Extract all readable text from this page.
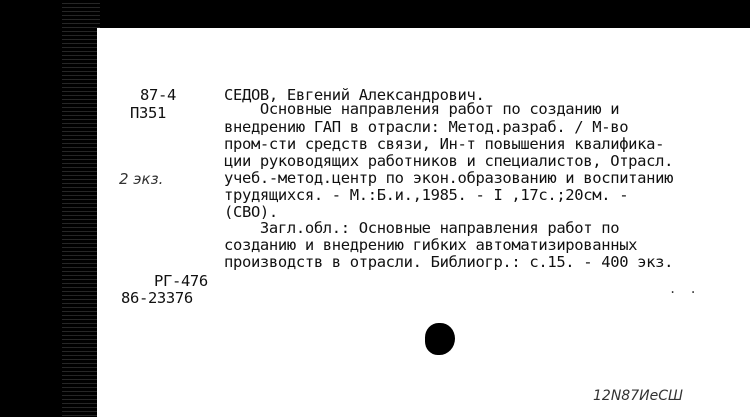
87-4
П351
2 экз.
СЕДОВ, Евгений Александрович.
Основные направления работ по созданию и
внедрению ГАП в отрасли: Метод.разраб. / М-во
пром-сти средств связи, Ин-т повышения квалифика-
ции руководящих работников и специалистов, Отрасл.
учеб.-метод.центр по экон.образованию и воспитанию
трудящихся. - М.:Б.и.,1985. - I ,17с.;20см. -
(СВО).
Загл.обл.: Основные направления работ по
созданию и внедрению гибких автоматизированных
производств в отрасли. Библиогр.: с.15. - 400 экз.
РГ-476
86-23376	. .
12N87ИеСШ
